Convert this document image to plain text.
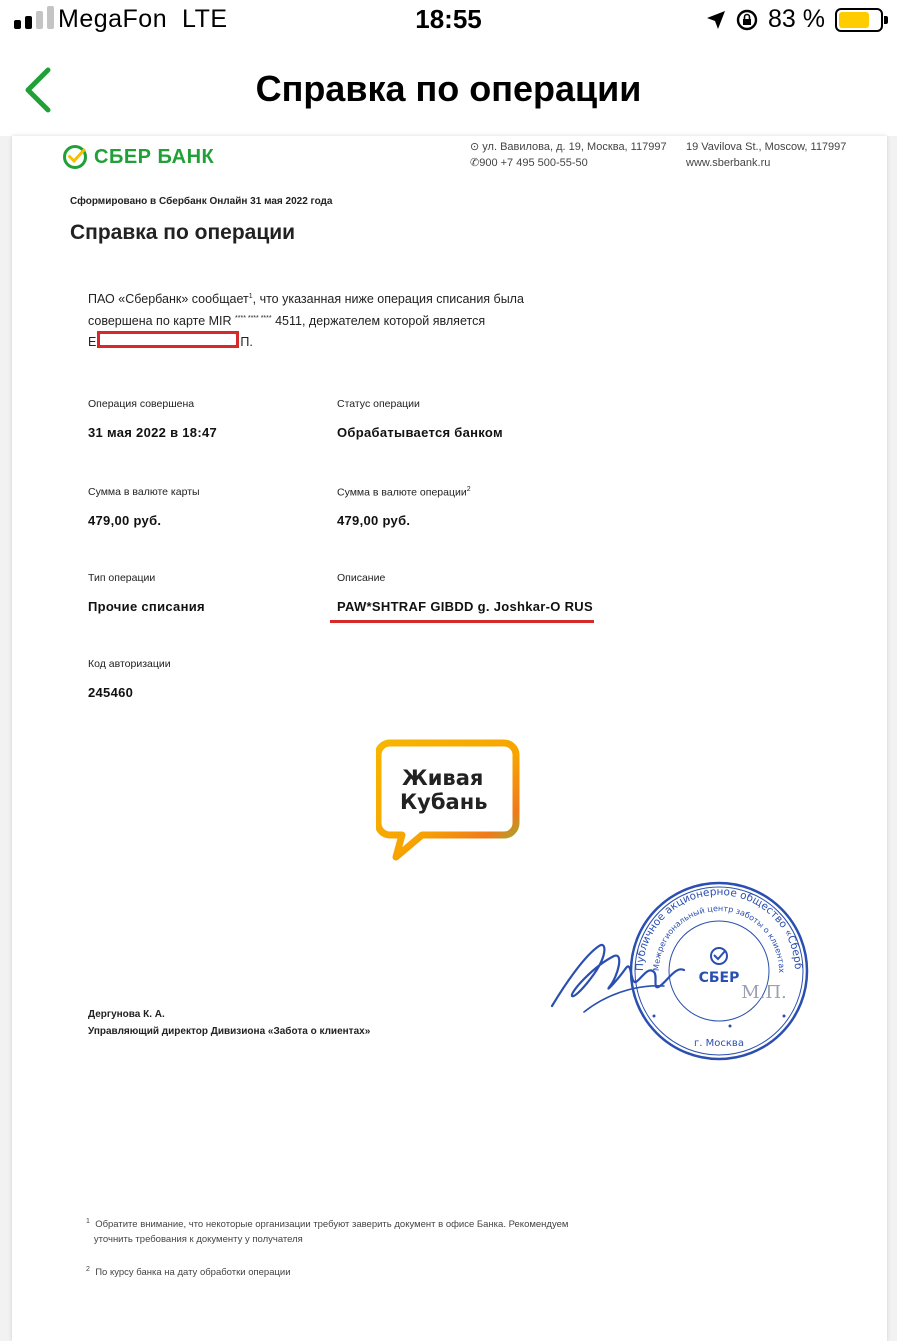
MegaFon LTE	18:55	83 %
Справка по операции
СБЕР БАНК	⊙ ул. Вавилова, д. 19, Москва, 117997
✆900 +7 495 500-55-50
19 Vavilova St., Moscow, 117997
www.sberbank.ru
Сформировано в Сбербанк Онлайн 31 мая 2022 года
Справка по операции
ПАО «Сбербанк» сообщает$^1$, что указанная ниже операция списания была совершена по карте MIR **** **** **** 4511, держателем которой является
Е	П.
Операция совершена
31 мая 2022 в 18:47
Статус операции
Обрабатывается банком
Сумма в валюте карты
479,00 руб.
Сумма в валюте операции$^2$
479,00 руб.
Тип операции
Прочие списания
Описание
PAW*SHTRAF GIBDD g. Joshkar-O RUS
Код авторизации
245460
Живая
Кубань
Публичное акционерное общество «Сберб
Межрегиональный центр заботы о клиентах
СБЕР
М.П.
г. Москва
Дергунова К. А.
Управляющий директор Дивизиона «Забота о клиентах»
$^1$ Обратите внимание, что некоторые организации требуют заверить документ в офисе Банка. Рекомендуем
уточнить требования к документу у получателя
$^2$ По курсу банка на дату обработки операции
